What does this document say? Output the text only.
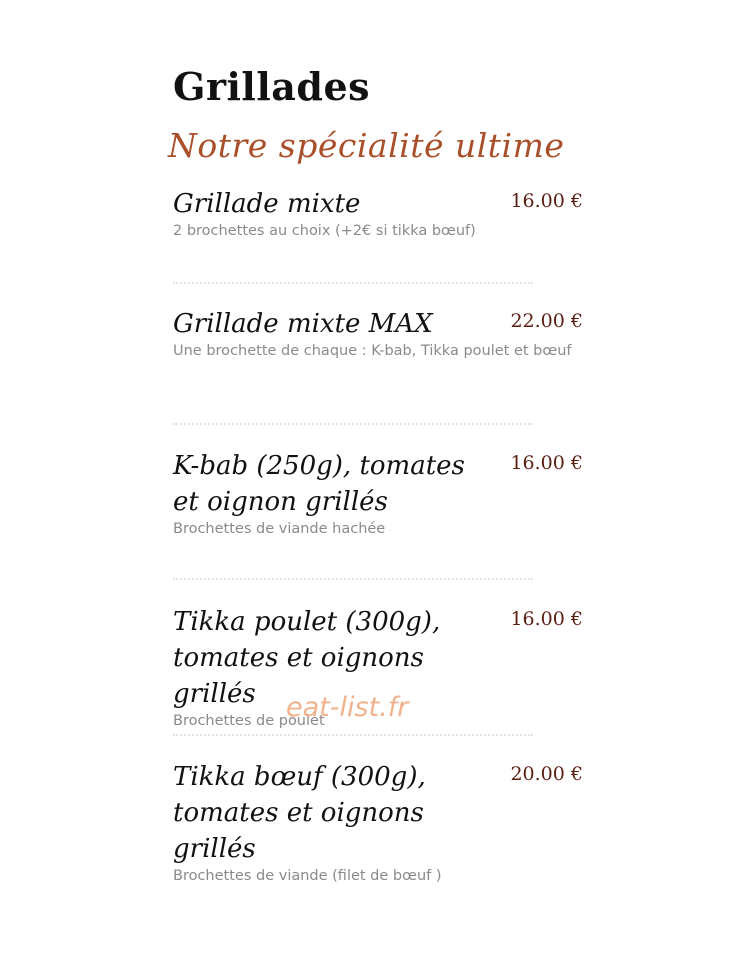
Grillades
Notre spécialité ultime
Grillade mixte	16.00 €
2 brochettes au choix (+2€ si tikka bœuf)
Grillade mixte MAX	22.00 €
Une brochette de chaque : K-bab, Tikka poulet et bœuf
K-bab (250g), tomates et oignon grillés
16.00 €
Brochettes de viande hachée
Tikka poulet (300g), tomates et oignons grillés
16.00 €
Brochettes de poulet
eat-list.fr
Tikka bœuf (300g), tomates et oignons grillés
20.00 €
Brochettes de viande (filet de bœuf )
